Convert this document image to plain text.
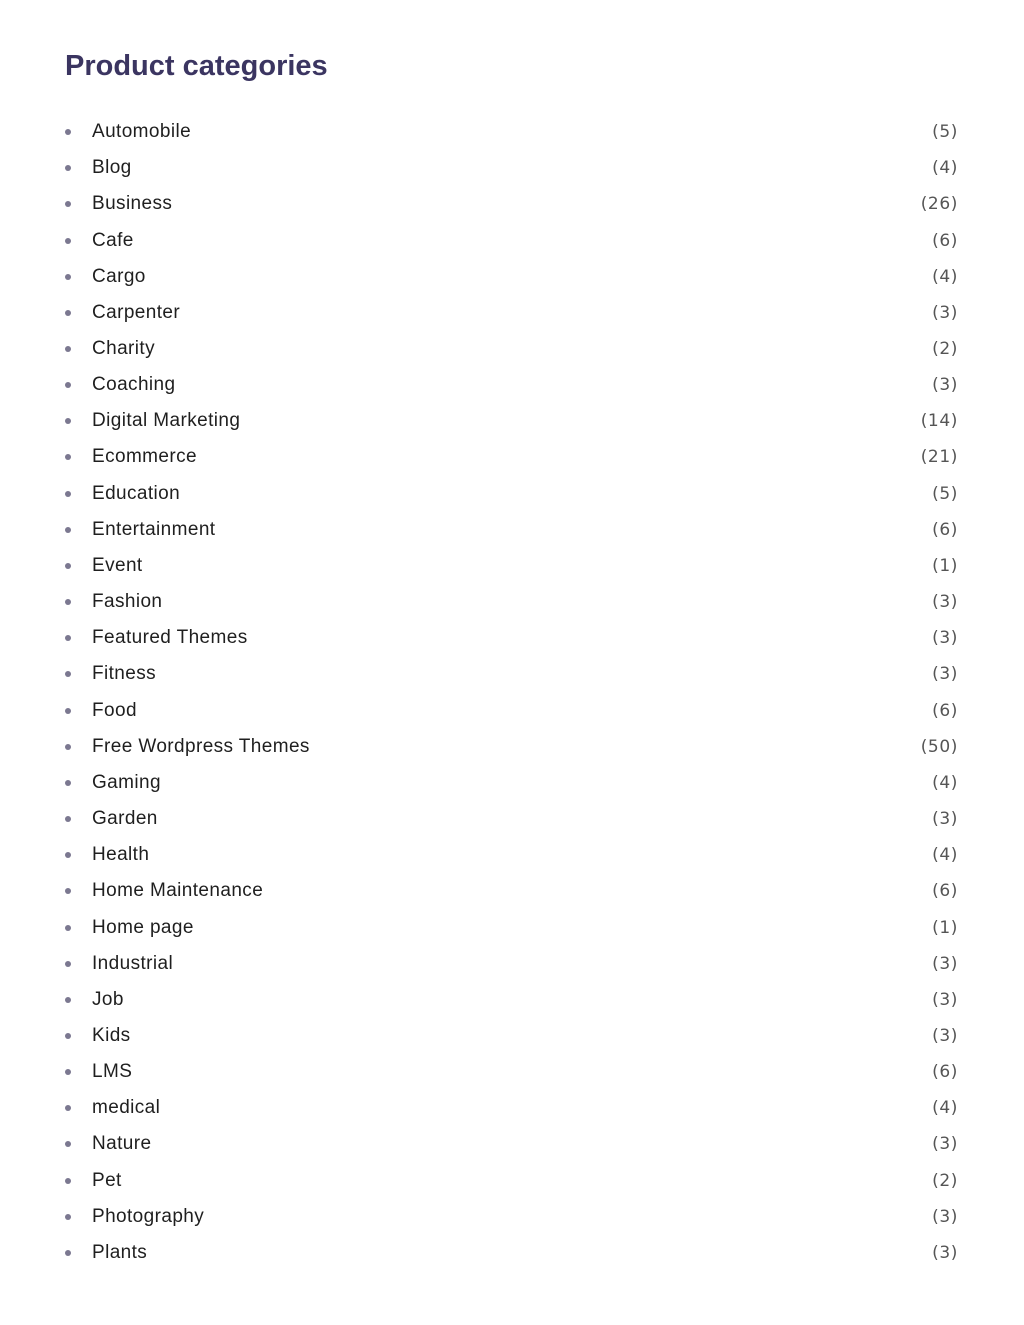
Product categories
Automobile	(5)
Blog	(4)
Business	(26)
Cafe	(6)
Cargo	(4)
Carpenter	(3)
Charity	(2)
Coaching	(3)
Digital Marketing	(14)
Ecommerce	(21)
Education	(5)
Entertainment	(6)
Event	(1)
Fashion	(3)
Featured Themes	(3)
Fitness	(3)
Food	(6)
Free Wordpress Themes	(50)
Gaming	(4)
Garden	(3)
Health	(4)
Home Maintenance	(6)
Home page	(1)
Industrial	(3)
Job	(3)
Kids	(3)
LMS	(6)
medical	(4)
Nature	(3)
Pet	(2)
Photography	(3)
Plants	(3)
